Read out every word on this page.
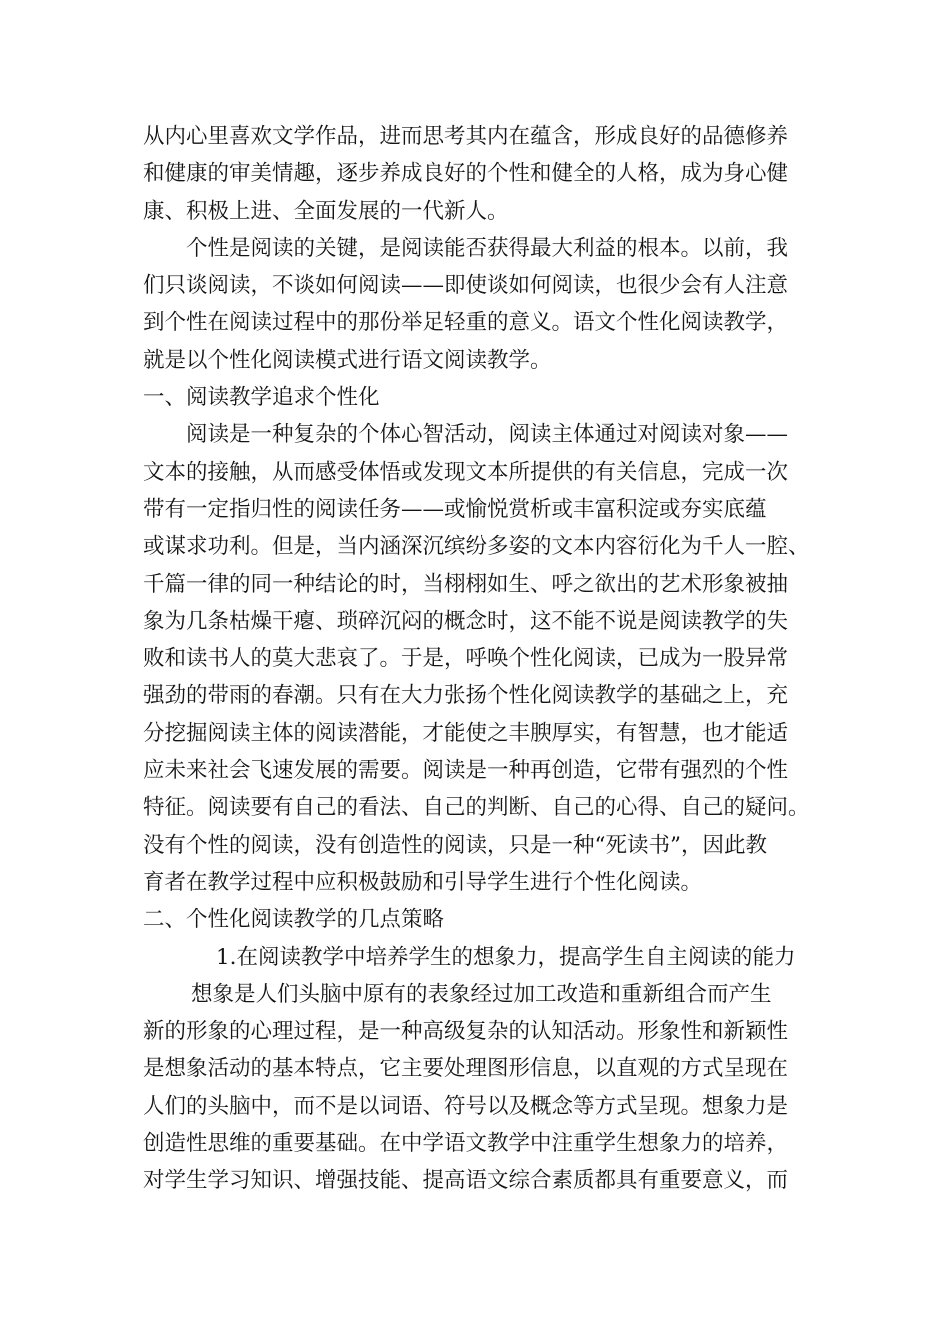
从内心里喜欢文学作品，进而思考其内在蕴含，形成良好的品德修养
和健康的审美情趣，逐步养成良好的个性和健全的人格，成为身心健
康、积极上进、全面发展的一代新人。
个性是阅读的关键，是阅读能否获得最大利益的根本。以前，我
们只谈阅读，不谈如何阅读——即使谈如何阅读，也很少会有人注意
到个性在阅读过程中的那份举足轻重的意义。语文个性化阅读教学，
就是以个性化阅读模式进行语文阅读教学。
一、阅读教学追求个性化
阅读是一种复杂的个体心智活动，阅读主体通过对阅读对象——
文本的接触，从而感受体悟或发现文本所提供的有关信息，完成一次
带有一定指归性的阅读任务——或愉悦赏析或丰富积淀或夯实底蕴
或谋求功利。但是，当内涵深沉缤纷多姿的文本内容衍化为千人一腔、
千篇一律的同一种结论的时，当栩栩如生、呼之欲出的艺术形象被抽
象为几条枯燥干瘪、琐碎沉闷的概念时，这不能不说是阅读教学的失
败和读书人的莫大悲哀了。于是，呼唤个性化阅读，已成为一股异常
强劲的带雨的春潮。只有在大力张扬个性化阅读教学的基础之上，充
分挖掘阅读主体的阅读潜能，才能使之丰腴厚实，有智慧，也才能适
应未来社会飞速发展的需要。阅读是一种再创造，它带有强烈的个性
特征。阅读要有自己的看法、自己的判断、自己的心得、自己的疑问。
没有个性的阅读，没有创造性的阅读，只是一种“死读书”，因此教
育者在教学过程中应积极鼓励和引导学生进行个性化阅读。
二、个性化阅读教学的几点策略
1.在阅读教学中培养学生的想象力，提高学生自主阅读的能力
想象是人们头脑中原有的表象经过加工改造和重新组合而产生
新的形象的心理过程，是一种高级复杂的认知活动。形象性和新颖性
是想象活动的基本特点，它主要处理图形信息，以直观的方式呈现在
人们的头脑中，而不是以词语、符号以及概念等方式呈现。想象力是
创造性思维的重要基础。在中学语文教学中注重学生想象力的培养，
对学生学习知识、增强技能、提高语文综合素质都具有重要意义，而
